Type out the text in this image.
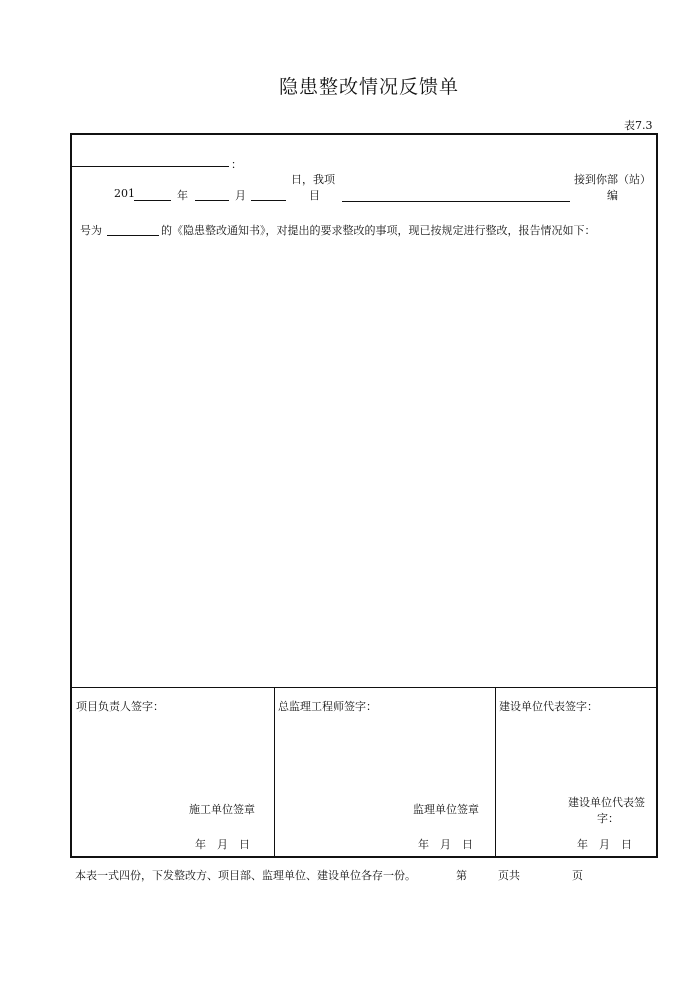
隐患整改情况反馈单
表7.3
：
日，我项	接到你部（站）
201	年	月	目	编
号为	的《隐患整改通知书》，对提出的要求整改的事项，现已按规定进行整改，报告情况如下：
项目负责人签字：
施工单位签章
年　月　日
总监理工程师签字：
监理单位签章
年　月　日
建设单位代表签字：
建设单位代表签
字：
年　月　日
本表一式四份，下发整改方、项目部、监理单位、建设单位各存一份。	第	页共	页
